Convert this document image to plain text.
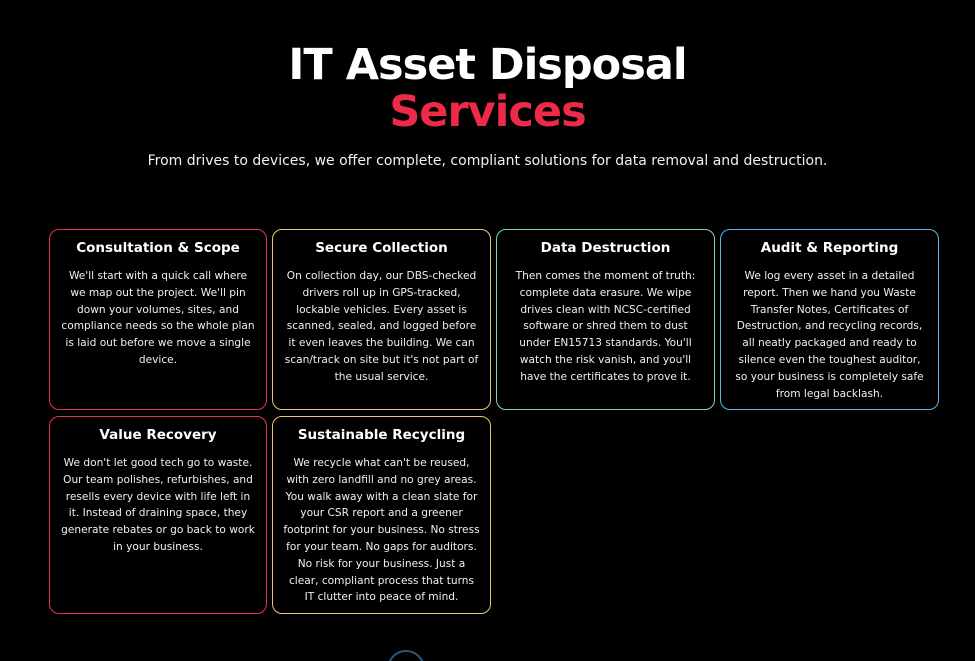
IT Asset Disposal
Services

From drives to devices, we offer complete, compliant solutions for data removal and destruction.

Consultation & Scope

We'll start with a quick call where we map out the project. We'll pin down your volumes, sites, and compliance needs so the whole plan is laid out before we move a single device.

Secure Collection

On collection day, our DBS-checked drivers roll up in GPS-tracked, lockable vehicles. Every asset is scanned, sealed, and logged before it even leaves the building. We can scan/track on site but it's not part of the usual service.

Data Destruction

Then comes the moment of truth: complete data erasure. We wipe drives clean with NCSC-certified software or shred them to dust under EN15713 standards. You'll watch the risk vanish, and you'll have the certificates to prove it.

Audit & Reporting

We log every asset in a detailed report. Then we hand you Waste Transfer Notes, Certificates of Destruction, and recycling records, all neatly packaged and ready to silence even the toughest auditor, so your business is completely safe from legal backlash.

Value Recovery

We don't let good tech go to waste. Our team polishes, refurbishes, and resells every device with life left in it. Instead of draining space, they generate rebates or go back to work in your business.

Sustainable Recycling

We recycle what can't be reused, with zero landfill and no grey areas. You walk away with a clean slate for your CSR report and a greener footprint for your business. No stress for your team. No gaps for auditors. No risk for your business. Just a clear, compliant process that turns IT clutter into peace of mind.
